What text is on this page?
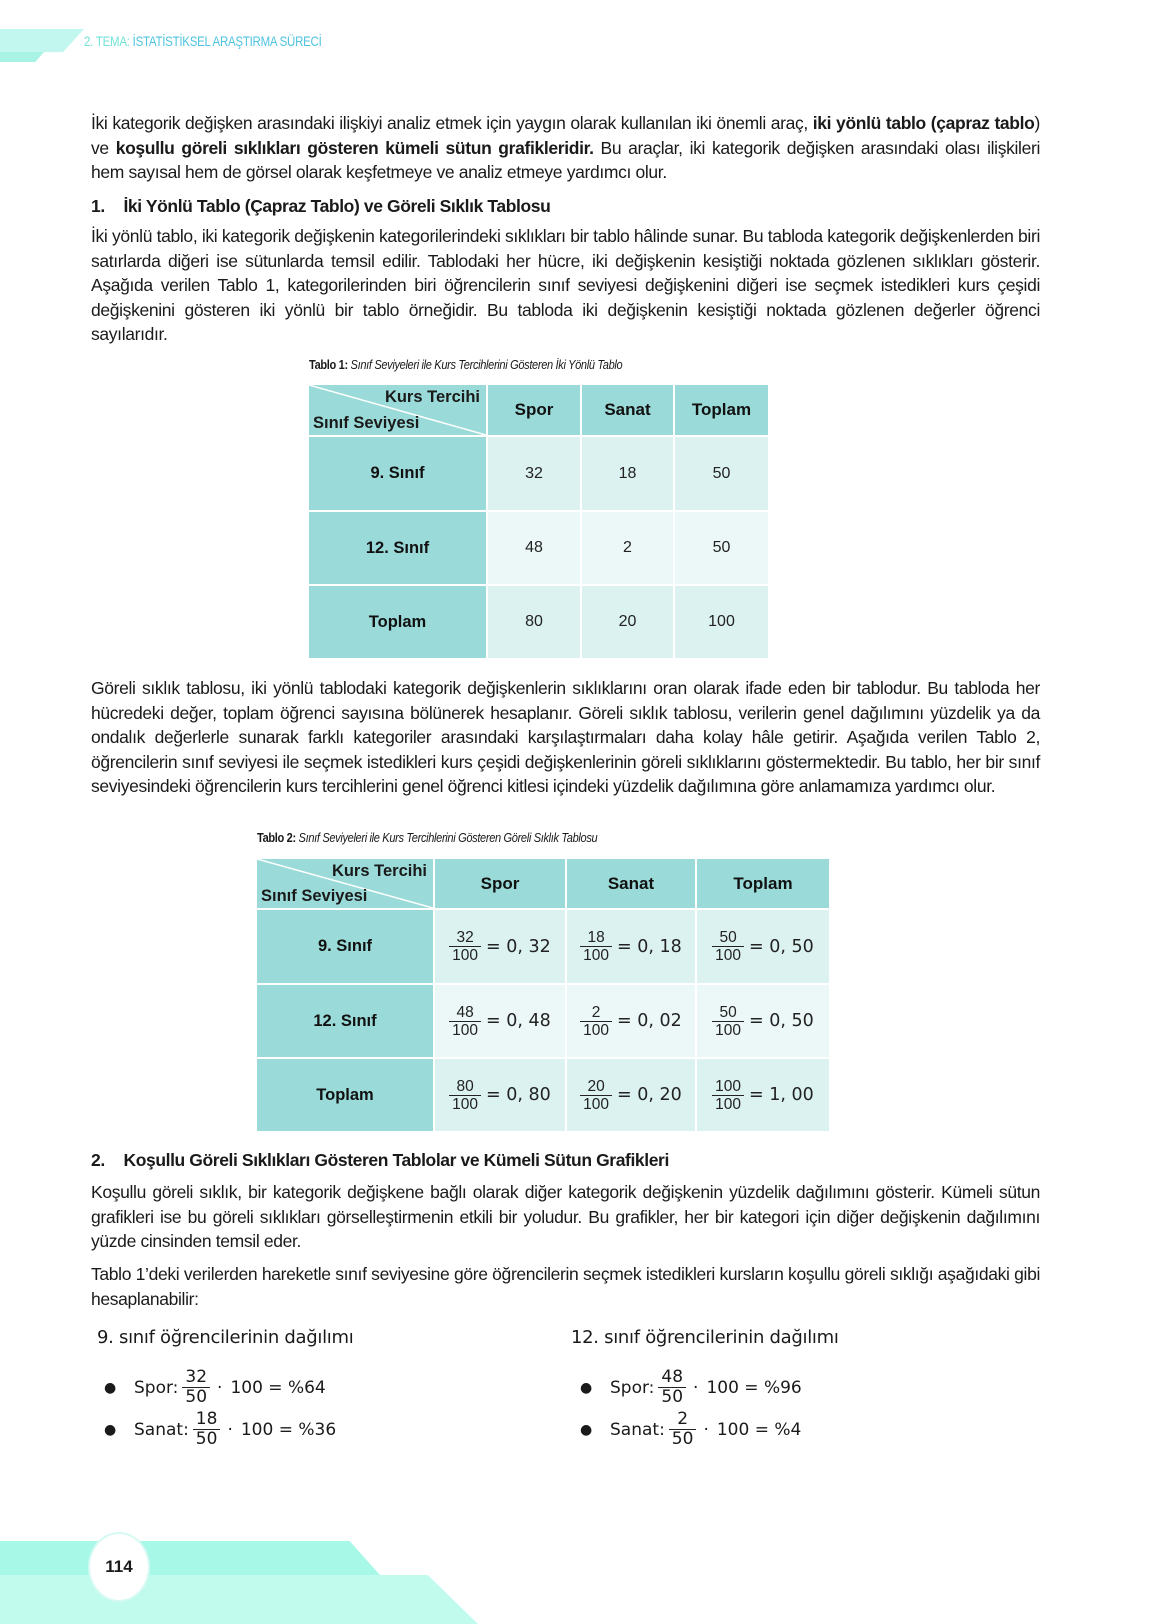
2. TEMA: İSTATİSTİKSEL ARAŞTIRMA SÜRECİ
İki kategorik değişken arasındaki ilişkiyi analiz etmek için yaygın olarak kullanılan iki önemli araç, iki yönlü tablo (çapraz tablo) ve koşullu göreli sıklıkları gösteren kümeli sütun grafikleridir. Bu araçlar, iki kategorik değişken arasındaki olası ilişkileri hem sayısal hem de görsel olarak keşfetmeye ve analiz etmeye yardımcı olur.
1. İki Yönlü Tablo (Çapraz Tablo) ve Göreli Sıklık Tablosu
İki yönlü tablo, iki kategorik değişkenin kategorilerindeki sıklıkları bir tablo hâlinde sunar. Bu tabloda kategorik değişkenlerden biri satırlarda diğeri ise sütunlarda temsil edilir. Tablodaki her hücre, iki değişkenin kesiştiği noktada gözlenen sıklıkları gösterir. Aşağıda verilen Tablo 1, kategorilerinden biri öğrencilerin sınıf seviyesi değişkenini diğeri ise seçmek istedikleri kurs çeşidi değişkenini gösteren iki yönlü bir tablo örneğidir. Bu tabloda iki değişkenin kesiştiği noktada gözlenen değerler öğrenci sayılarıdır.
Tablo 1: Sınıf Seviyeleri ile Kurs Tercihlerini Gösteren İki Yönlü Tablo
Kurs Tercihi
Sınıf Seviyesi	Spor	Sanat	Toplam
9. Sınıf	32	18	50
12. Sınıf	48	2	50
Toplam	80	20	100
Göreli sıklık tablosu, iki yönlü tablodaki kategorik değişkenlerin sıklıklarını oran olarak ifade eden bir tablodur. Bu tabloda her hücredeki değer, toplam öğrenci sayısına bölünerek hesaplanır. Göreli sıklık tablosu, verilerin genel dağılımını yüzdelik ya da ondalık değerlerle sunarak farklı kategoriler arasındaki karşılaştırmaları daha kolay hâle getirir. Aşağıda verilen Tablo 2, öğrencilerin sınıf seviyesi ile seçmek istedikleri kurs çeşidi değişkenlerinin göreli sıklıklarını göstermektedir. Bu tablo, her bir sınıf seviyesindeki öğrencilerin kurs tercihlerini genel öğrenci kitlesi içindeki yüzdelik dağılımına göre anlamamıza yardımcı olur.
Tablo 2: Sınıf Seviyeleri ile Kurs Tercihlerini Gösteren Göreli Sıklık Tablosu
Kurs Tercihi
Sınıf Seviyesi	Spor	Sanat	Toplam
9. Sınıf	$\frac{32}{100} = 0$, 32	$\frac{18}{100} = 0$, 18	$\frac{50}{100} = 0$, 50
12. Sınıf	$\frac{48}{100} = 0$, 48	$\frac{2}{100} = 0$, 02	$\frac{50}{100} = 0$, 50
Toplam	$\frac{80}{100} = 0$, 80	$\frac{20}{100} = 0$, 20	$\frac{100}{100} = 1$, 00
2. Koşullu Göreli Sıklıkları Gösteren Tablolar ve Kümeli Sütun Grafikleri
Koşullu göreli sıklık, bir kategorik değişkene bağlı olarak diğer kategorik değişkenin yüzdelik dağılımını gösterir. Kümeli sütun grafikleri ise bu göreli sıklıkları görselleştirmenin etkili bir yoludur. Bu grafikler, her bir kategori için diğer değişkenin dağılımını yüzde cinsinden temsil eder.
Tablo 1’deki verilerden hareketle sınıf seviyesine göre öğrencilerin seçmek istedikleri kursların koşullu göreli sıklığı aşağıdaki gibi hesaplanabilir:
9. sınıf öğrencilerinin dağılımı
●	Spor: $\frac{32}{50} \cdot 100 = \%64$
●	Sanat: $\frac{18}{50} \cdot 100 = \%36$
12. sınıf öğrencilerinin dağılımı
●	Spor: $\frac{48}{50} \cdot 100 = \%96$
●	Sanat: $\frac{2}{50} \cdot 100 = \%4$
114
